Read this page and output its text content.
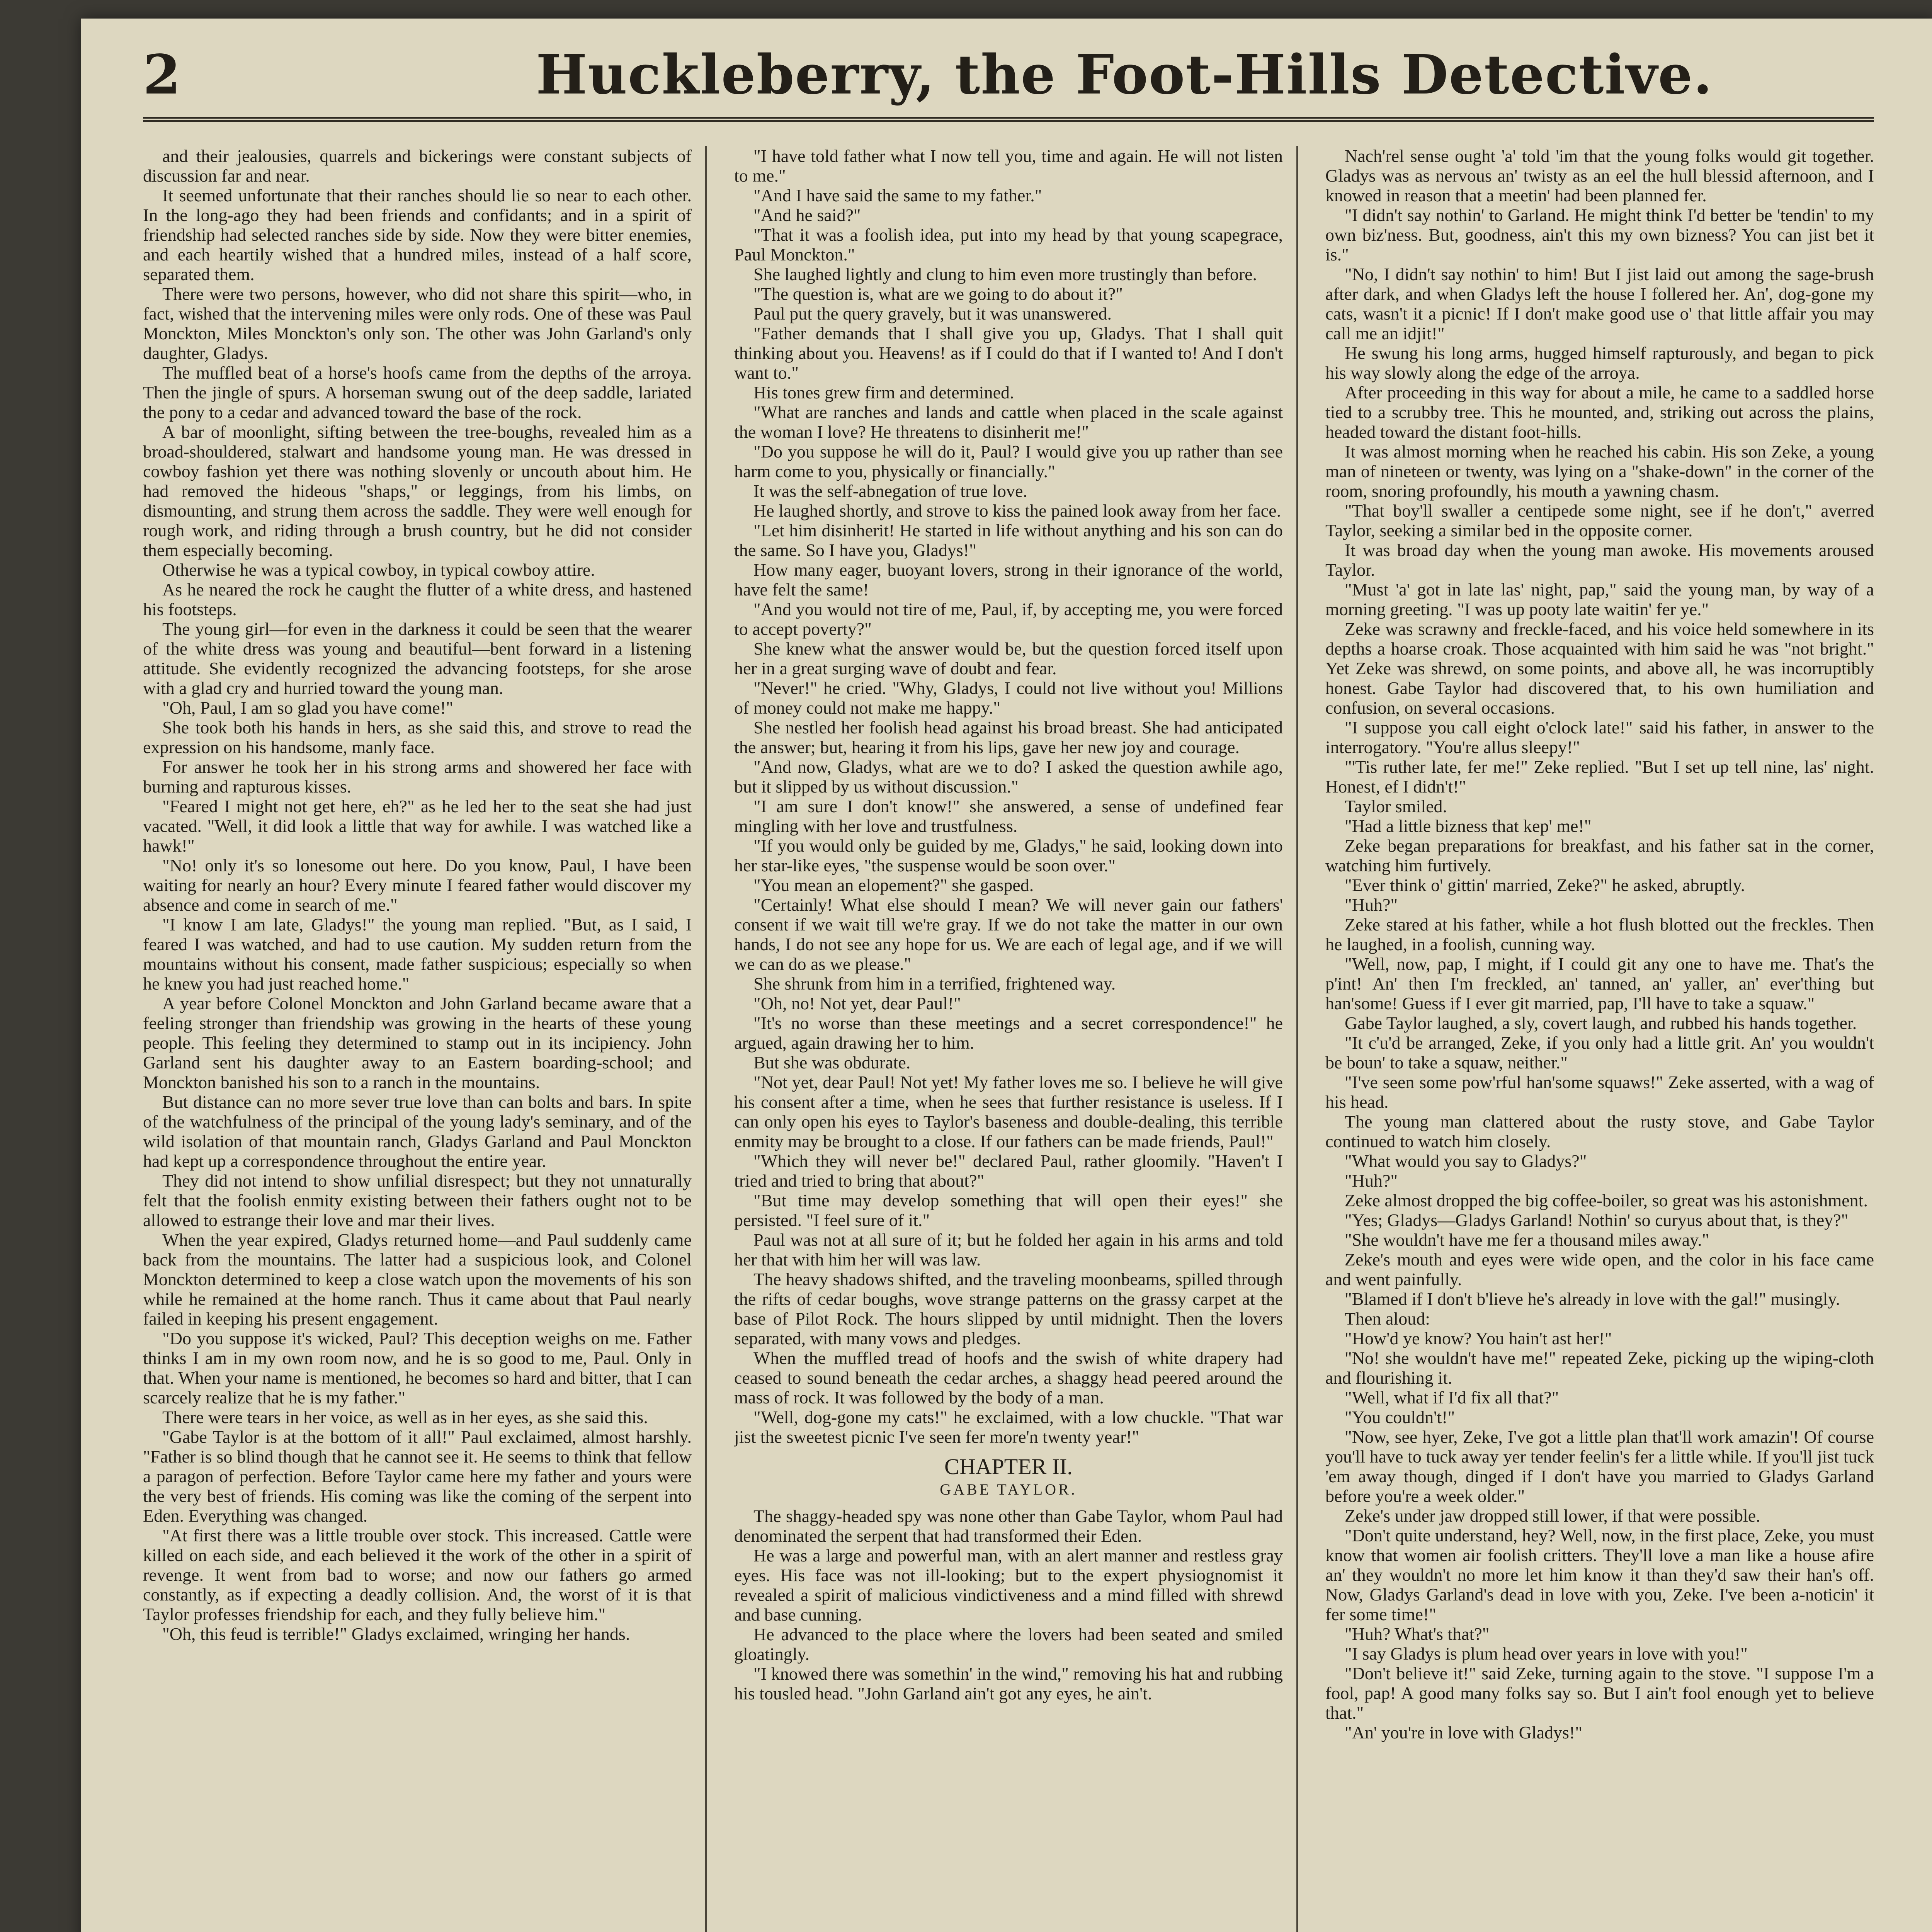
2	Huckleberry, the Foot-Hills Detective.

and their jealousies, quarrels and bickerings were constant subjects of discussion far and near.

It seemed unfortunate that their ranches should lie so near to each other. In the long-ago they had been friends and confidants; and in a spirit of friendship had selected ranches side by side. Now they were bitter enemies, and each heartily wished that a hundred miles, instead of a half score, separated them.

There were two persons, however, who did not share this spirit—who, in fact, wished that the intervening miles were only rods. One of these was Paul Monckton, Miles Monckton's only son. The other was John Garland's only daughter, Gladys.

The muffled beat of a horse's hoofs came from the depths of the arroya. Then the jingle of spurs. A horseman swung out of the deep saddle, lariated the pony to a cedar and advanced toward the base of the rock.

A bar of moonlight, sifting between the tree-boughs, revealed him as a broad-shouldered, stalwart and handsome young man. He was dressed in cowboy fashion yet there was nothing slovenly or uncouth about him. He had removed the hideous "shaps," or leggings, from his limbs, on dismounting, and strung them across the saddle. They were well enough for rough work, and riding through a brush country, but he did not consider them especially becoming.

Otherwise he was a typical cowboy, in typical cowboy attire.

As he neared the rock he caught the flutter of a white dress, and hastened his footsteps.

The young girl—for even in the darkness it could be seen that the wearer of the white dress was young and beautiful—bent forward in a listening attitude. She evidently recognized the advancing footsteps, for she arose with a glad cry and hurried toward the young man.

"Oh, Paul, I am so glad you have come!"

She took both his hands in hers, as she said this, and strove to read the expression on his handsome, manly face.

For answer he took her in his strong arms and showered her face with burning and rapturous kisses.

"Feared I might not get here, eh?" as he led her to the seat she had just vacated. "Well, it did look a little that way for awhile. I was watched like a hawk!"

"No! only it's so lonesome out here. Do you know, Paul, I have been waiting for nearly an hour? Every minute I feared father would discover my absence and come in search of me."

"I know I am late, Gladys!" the young man replied. "But, as I said, I feared I was watched, and had to use caution. My sudden return from the mountains without his consent, made father suspicious; especially so when he knew you had just reached home."

A year before Colonel Monckton and John Garland became aware that a feeling stronger than friendship was growing in the hearts of these young people. This feeling they determined to stamp out in its incipiency. John Garland sent his daughter away to an Eastern boarding-school; and Monckton banished his son to a ranch in the mountains.

But distance can no more sever true love than can bolts and bars. In spite of the watchfulness of the principal of the young lady's seminary, and of the wild isolation of that mountain ranch, Gladys Garland and Paul Monckton had kept up a correspondence throughout the entire year.

They did not intend to show unfilial disrespect; but they not unnaturally felt that the foolish enmity existing between their fathers ought not to be allowed to estrange their love and mar their lives.

When the year expired, Gladys returned home—and Paul suddenly came back from the mountains. The latter had a suspicious look, and Colonel Monckton determined to keep a close watch upon the movements of his son while he remained at the home ranch. Thus it came about that Paul nearly failed in keeping his present engagement.

"Do you suppose it's wicked, Paul? This deception weighs on me. Father thinks I am in my own room now, and he is so good to me, Paul. Only in that. When your name is mentioned, he becomes so hard and bitter, that I can scarcely realize that he is my father."

There were tears in her voice, as well as in her eyes, as she said this.

"Gabe Taylor is at the bottom of it all!" Paul exclaimed, almost harshly. "Father is so blind though that he cannot see it. He seems to think that fellow a paragon of perfection. Before Taylor came here my father and yours were the very best of friends. His coming was like the coming of the serpent into Eden. Everything was changed.

"At first there was a little trouble over stock. This increased. Cattle were killed on each side, and each believed it the work of the other in a spirit of revenge. It went from bad to worse; and now our fathers go armed constantly, as if expecting a deadly collision. And, the worst of it is that Taylor professes friendship for each, and they fully believe him."

"Oh, this feud is terrible!" Gladys exclaimed, wringing her hands.

"I have told father what I now tell you, time and again. He will not listen to me."

"And I have said the same to my father."

"And he said?"

"That it was a foolish idea, put into my head by that young scapegrace, Paul Monckton."

She laughed lightly and clung to him even more trustingly than before.

"The question is, what are we going to do about it?"

Paul put the query gravely, but it was unanswered.

"Father demands that I shall give you up, Gladys. That I shall quit thinking about you. Heavens! as if I could do that if I wanted to! And I don't want to."

His tones grew firm and determined.

"What are ranches and lands and cattle when placed in the scale against the woman I love? He threatens to disinherit me!"

"Do you suppose he will do it, Paul? I would give you up rather than see harm come to you, physically or financially."

It was the self-abnegation of true love.

He laughed shortly, and strove to kiss the pained look away from her face.

"Let him disinherit! He started in life without anything and his son can do the same. So I have you, Gladys!"

How many eager, buoyant lovers, strong in their ignorance of the world, have felt the same!

"And you would not tire of me, Paul, if, by accepting me, you were forced to accept poverty?"

She knew what the answer would be, but the question forced itself upon her in a great surging wave of doubt and fear.

"Never!" he cried. "Why, Gladys, I could not live without you! Millions of money could not make me happy."

She nestled her foolish head against his broad breast. She had anticipated the answer; but, hearing it from his lips, gave her new joy and courage.

"And now, Gladys, what are we to do? I asked the question awhile ago, but it slipped by us without discussion."

"I am sure I don't know!" she answered, a sense of undefined fear mingling with her love and trustfulness.

"If you would only be guided by me, Gladys," he said, looking down into her star-like eyes, "the suspense would be soon over."

"You mean an elopement?" she gasped.

"Certainly! What else should I mean? We will never gain our fathers' consent if we wait till we're gray. If we do not take the matter in our own hands, I do not see any hope for us. We are each of legal age, and if we will we can do as we please."

She shrunk from him in a terrified, frightened way.

"Oh, no! Not yet, dear Paul!"

"It's no worse than these meetings and a secret correspondence!" he argued, again drawing her to him.

But she was obdurate.

"Not yet, dear Paul! Not yet! My father loves me so. I believe he will give his consent after a time, when he sees that further resistance is useless. If I can only open his eyes to Taylor's baseness and double-dealing, this terrible enmity may be brought to a close. If our fathers can be made friends, Paul!"

"Which they will never be!" declared Paul, rather gloomily. "Haven't I tried and tried to bring that about?"

"But time may develop something that will open their eyes!" she persisted. "I feel sure of it."

Paul was not at all sure of it; but he folded her again in his arms and told her that with him her will was law.

The heavy shadows shifted, and the traveling moonbeams, spilled through the rifts of cedar boughs, wove strange patterns on the grassy carpet at the base of Pilot Rock. The hours slipped by until midnight. Then the lovers separated, with many vows and pledges.

When the muffled tread of hoofs and the swish of white drapery had ceased to sound beneath the cedar arches, a shaggy head peered around the mass of rock. It was followed by the body of a man.

"Well, dog-gone my cats!" he exclaimed, with a low chuckle. "That war jist the sweetest picnic I've seen fer more'n twenty year!"

CHAPTER II.
GABE TAYLOR.

The shaggy-headed spy was none other than Gabe Taylor, whom Paul had denominated the serpent that had transformed their Eden.

He was a large and powerful man, with an alert manner and restless gray eyes. His face was not ill-looking; but to the expert physiognomist it revealed a spirit of malicious vindictiveness and a mind filled with shrewd and base cunning.

He advanced to the place where the lovers had been seated and smiled gloatingly.

"I knowed there was somethin' in the wind," removing his hat and rubbing his tousled head. "John Garland ain't got any eyes, he ain't.

Nach'rel sense ought 'a' told 'im that the young folks would git together. Gladys was as nervous an' twisty as an eel the hull blessid afternoon, and I knowed in reason that a meetin' had been planned fer.

"I didn't say nothin' to Garland. He might think I'd better be 'tendin' to my own biz'ness. But, goodness, ain't this my own bizness? You can jist bet it is."

"No, I didn't say nothin' to him! But I jist laid out among the sage-brush after dark, and when Gladys left the house I follered her. An', dog-gone my cats, wasn't it a picnic! If I don't make good use o' that little affair you may call me an idjit!"

He swung his long arms, hugged himself rapturously, and began to pick his way slowly along the edge of the arroya.

After proceeding in this way for about a mile, he came to a saddled horse tied to a scrubby tree. This he mounted, and, striking out across the plains, headed toward the distant foot-hills.

It was almost morning when he reached his cabin. His son Zeke, a young man of nineteen or twenty, was lying on a "shake-down" in the corner of the room, snoring profoundly, his mouth a yawning chasm.

"That boy'll swaller a centipede some night, see if he don't," averred Taylor, seeking a similar bed in the opposite corner.

It was broad day when the young man awoke. His movements aroused Taylor.

"Must 'a' got in late las' night, pap," said the young man, by way of a morning greeting. "I was up pooty late waitin' fer ye."

Zeke was scrawny and freckle-faced, and his voice held somewhere in its depths a hoarse croak. Those acquainted with him said he was "not bright." Yet Zeke was shrewd, on some points, and above all, he was incorruptibly honest. Gabe Taylor had discovered that, to his own humiliation and confusion, on several occasions.

"I suppose you call eight o'clock late!" said his father, in answer to the interrogatory. "You're allus sleepy!"

"'Tis ruther late, fer me!" Zeke replied. "But I set up tell nine, las' night. Honest, ef I didn't!"

Taylor smiled.

"Had a little bizness that kep' me!"

Zeke began preparations for breakfast, and his father sat in the corner, watching him furtively.

"Ever think o' gittin' married, Zeke?" he asked, abruptly.

"Huh?"

Zeke stared at his father, while a hot flush blotted out the freckles. Then he laughed, in a foolish, cunning way.

"Well, now, pap, I might, if I could git any one to have me. That's the p'int! An' then I'm freckled, an' tanned, an' yaller, an' ever'thing but han'some! Guess if I ever git married, pap, I'll have to take a squaw."

Gabe Taylor laughed, a sly, covert laugh, and rubbed his hands together.

"It c'u'd be arranged, Zeke, if you only had a little grit. An' you wouldn't be boun' to take a squaw, neither."

"I've seen some pow'rful han'some squaws!" Zeke asserted, with a wag of his head.

The young man clattered about the rusty stove, and Gabe Taylor continued to watch him closely.

"What would you say to Gladys?"

"Huh?"

Zeke almost dropped the big coffee-boiler, so great was his astonishment.

"Yes; Gladys—Gladys Garland! Nothin' so curyus about that, is they?"

"She wouldn't have me fer a thousand miles away."

Zeke's mouth and eyes were wide open, and the color in his face came and went painfully.

"Blamed if I don't b'lieve he's already in love with the gal!" musingly.

Then aloud:

"How'd ye know? You hain't ast her!"

"No! she wouldn't have me!" repeated Zeke, picking up the wiping-cloth and flourishing it.

"Well, what if I'd fix all that?"

"You couldn't!"

"Now, see hyer, Zeke, I've got a little plan that'll work amazin'! Of course you'll have to tuck away yer tender feelin's fer a little while. If you'll jist tuck 'em away though, dinged if I don't have you married to Gladys Garland before you're a week older."

Zeke's under jaw dropped still lower, if that were possible.

"Don't quite understand, hey? Well, now, in the first place, Zeke, you must know that women air foolish critters. They'll love a man like a house afire an' they wouldn't no more let him know it than they'd saw their han's off. Now, Gladys Garland's dead in love with you, Zeke. I've been a-noticin' it fer some time!"

"Huh? What's that?"

"I say Gladys is plum head over years in love with you!"

"Don't believe it!" said Zeke, turning again to the stove. "I suppose I'm a fool, pap! A good many folks say so. But I ain't fool enough yet to believe that."

"An' you're in love with Gladys!"
